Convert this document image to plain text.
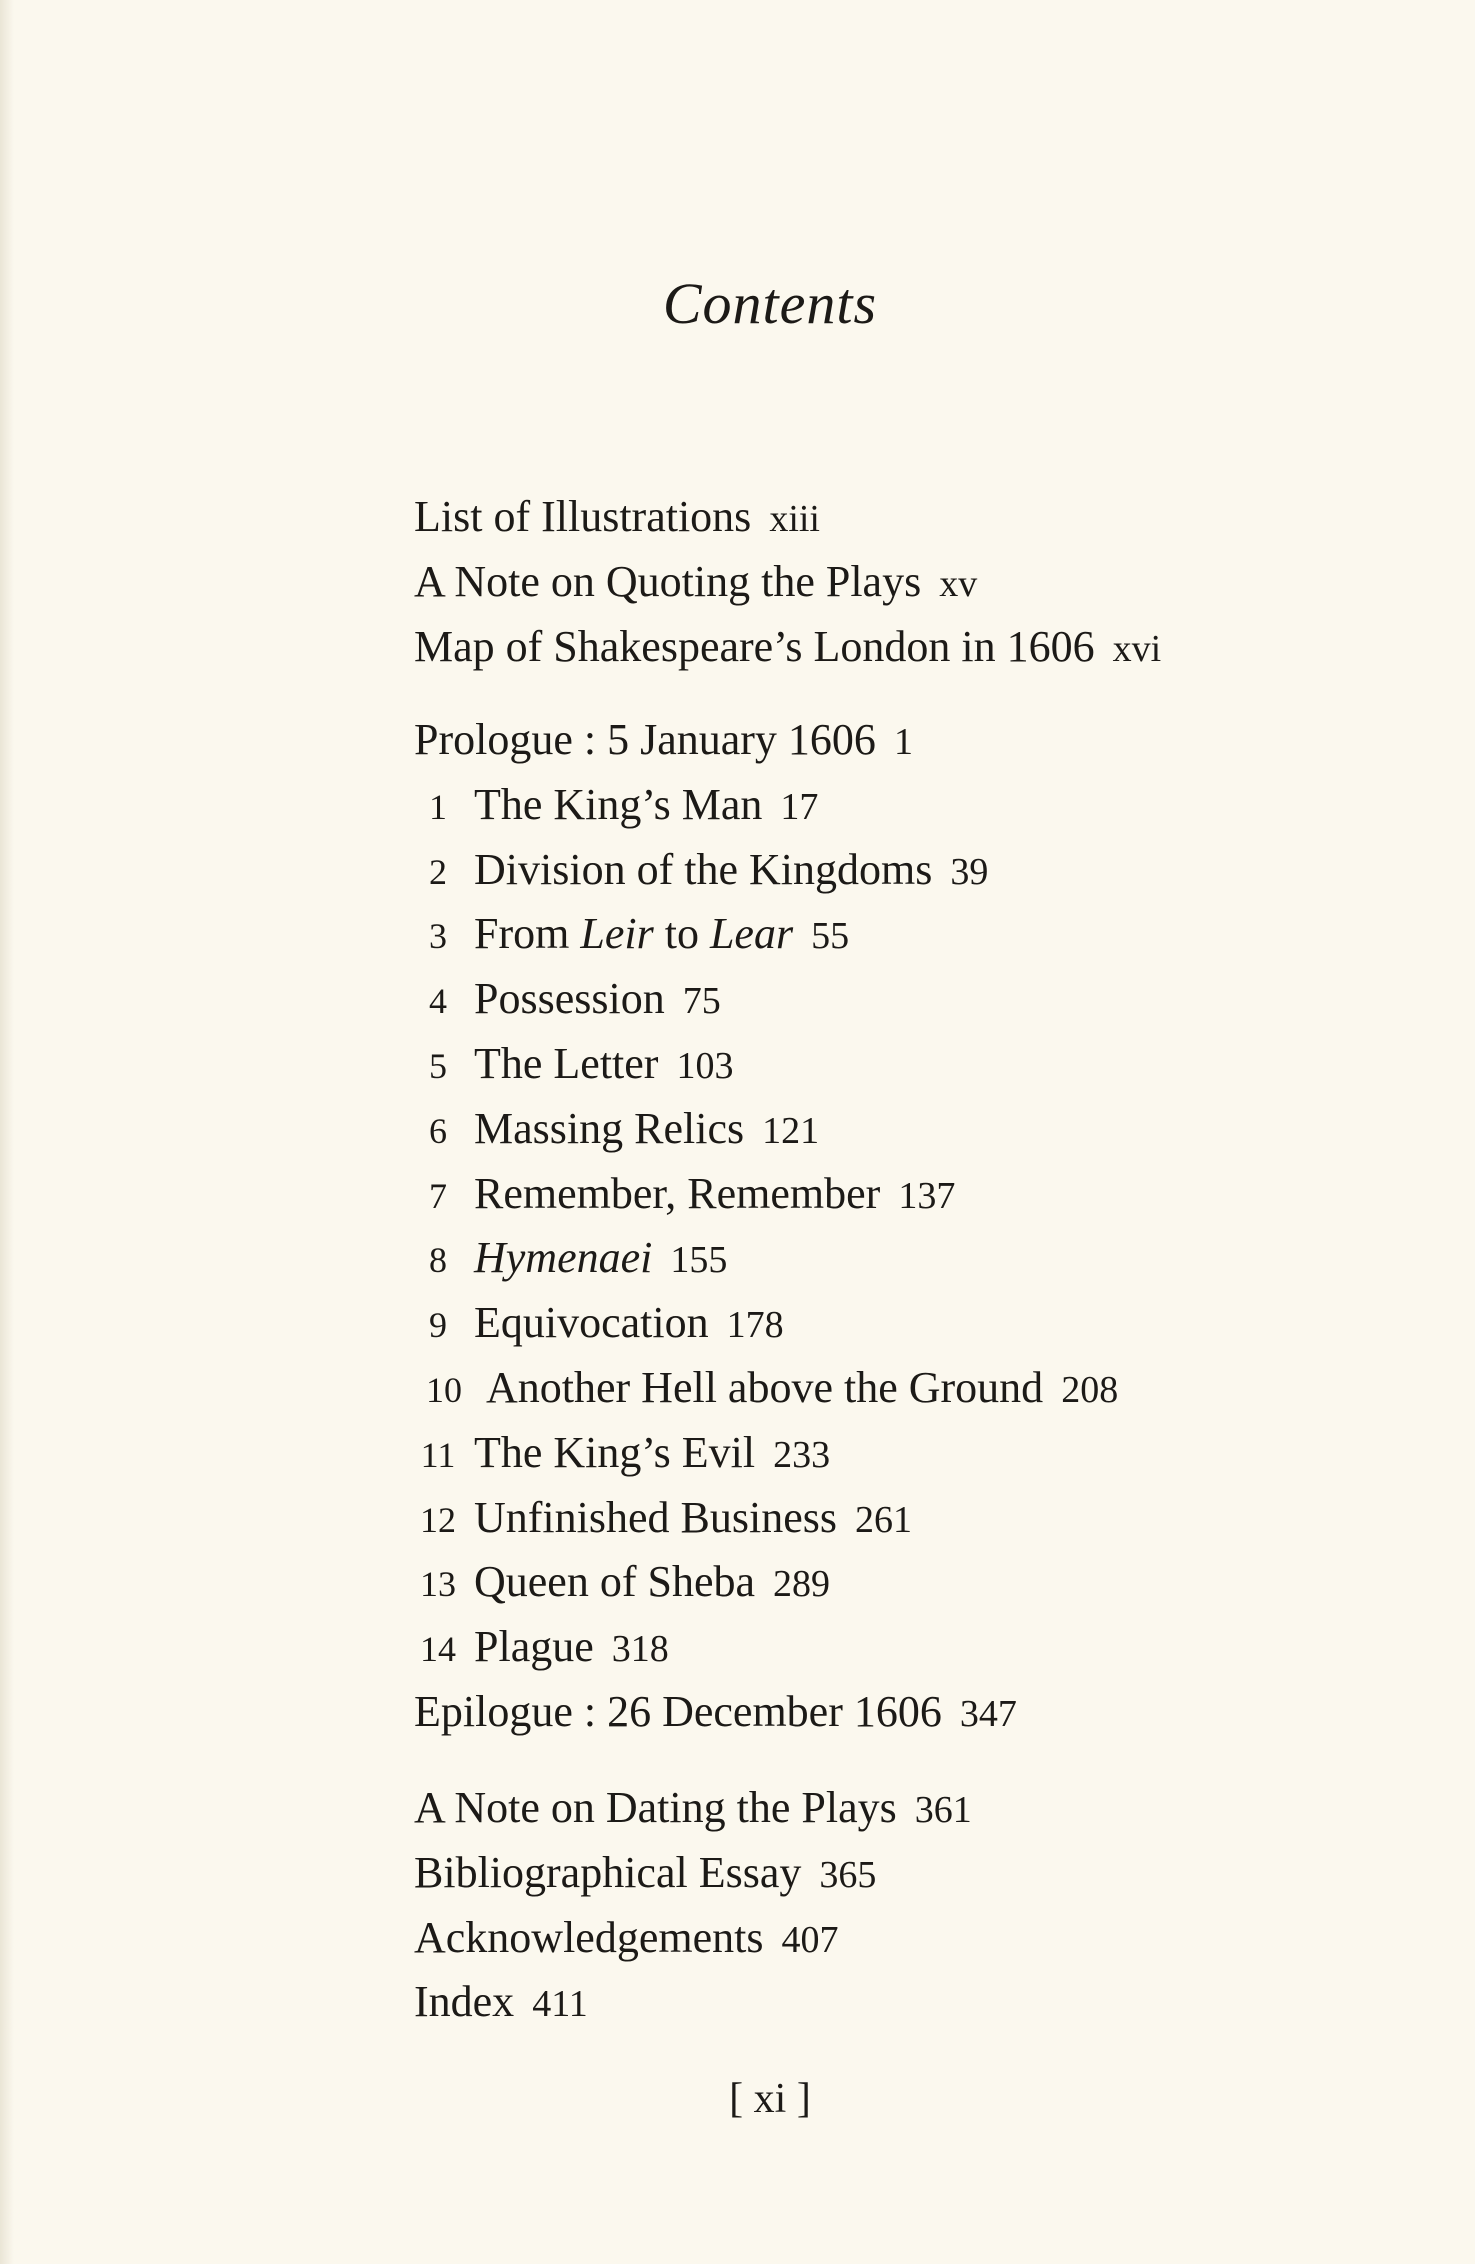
Contents
List of Illustrations xiii
A Note on Quoting the Plays xv
Map of Shakespeare’s London in 1606 xvi
Prologue : 5 January 1606 1
1 The King’s Man 17
2 Division of the Kingdoms 39
3 From Leir to Lear 55
4 Possession 75
5 The Letter 103
6 Massing Relics 121
7 Remember, Remember 137
8 Hymenaei 155
9 Equivocation 178
10 Another Hell above the Ground 208
11 The King’s Evil 233
12 Unfinished Business 261
13 Queen of Sheba 289
14 Plague 318
Epilogue : 26 December 1606 347
A Note on Dating the Plays 361
Bibliographical Essay 365
Acknowledgements 407
Index 411
[ xi ]
